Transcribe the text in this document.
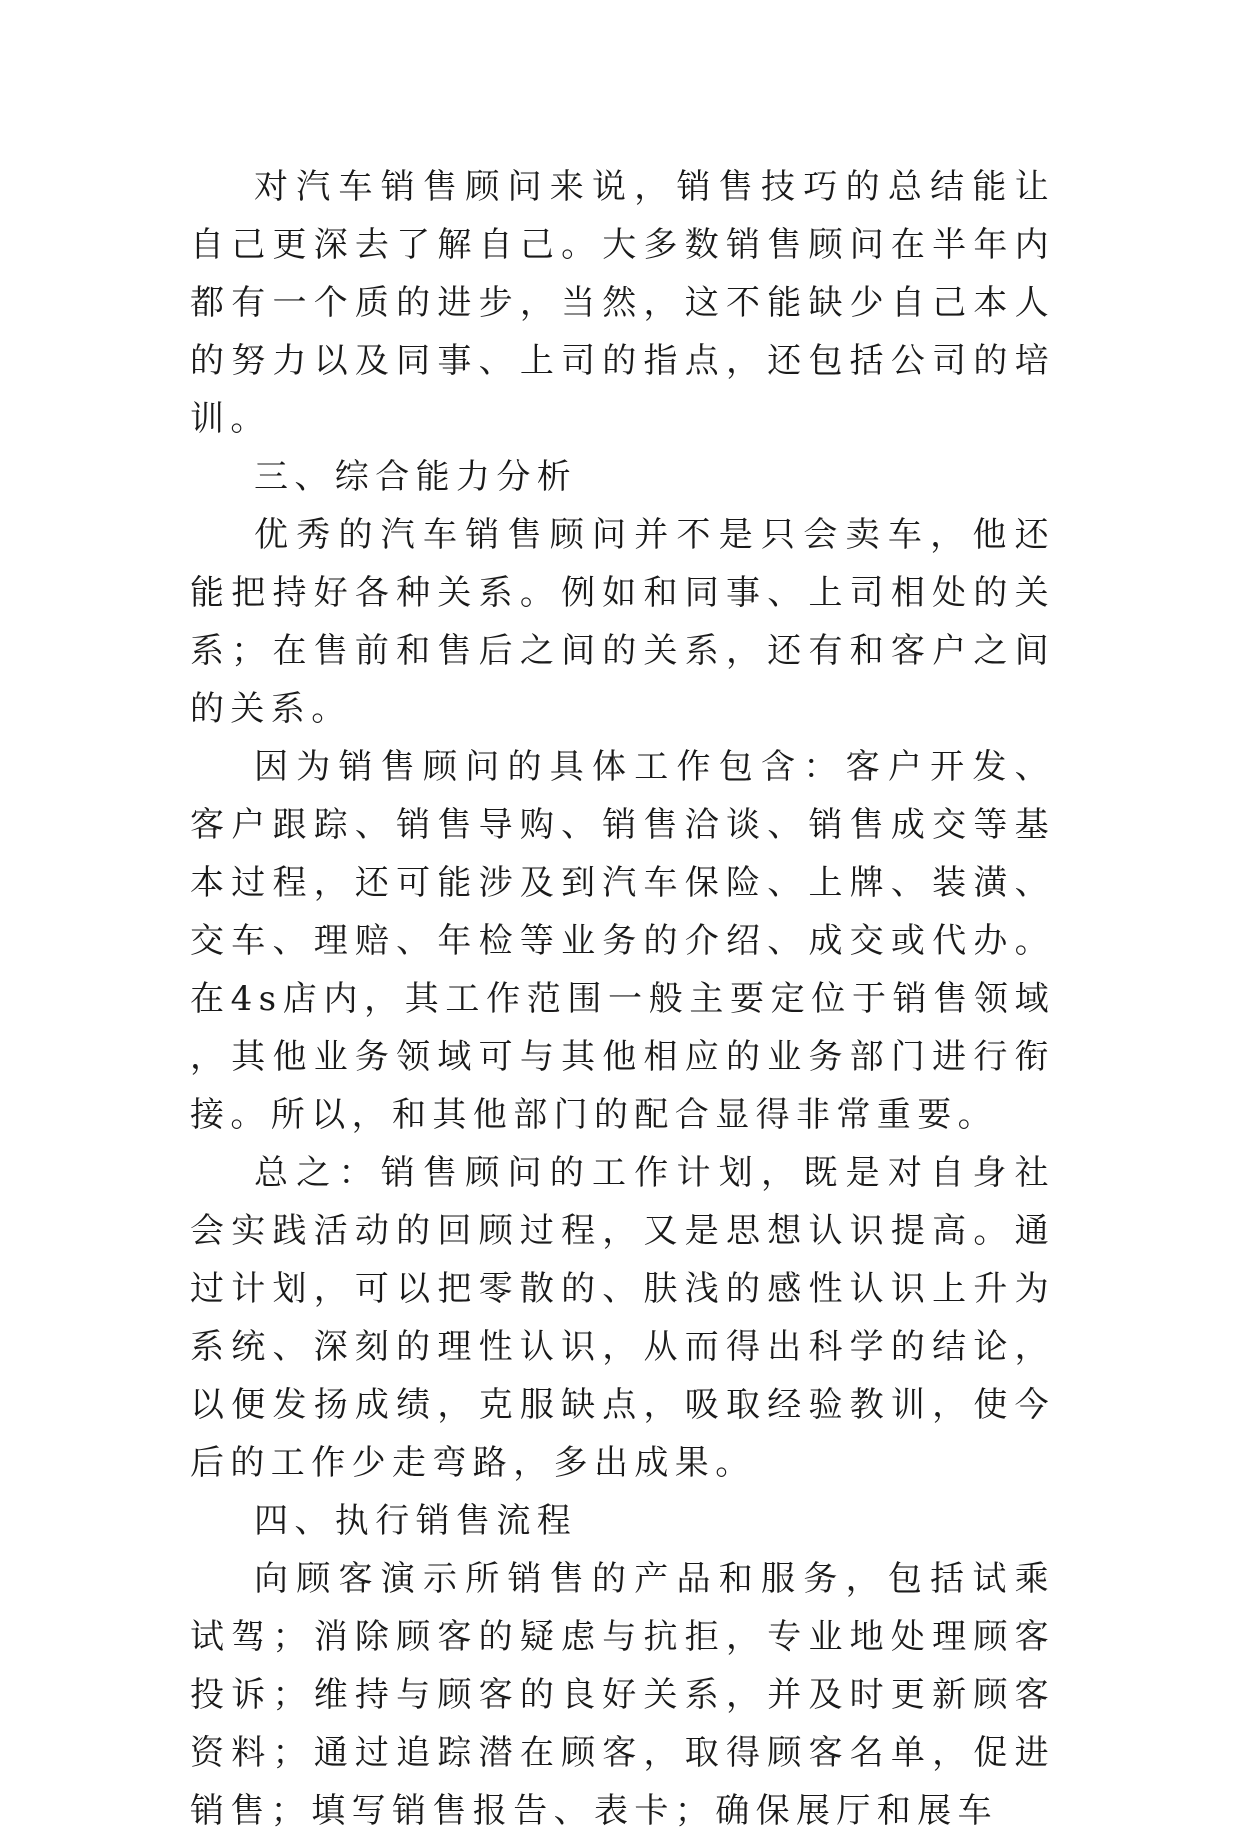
对汽车销售顾问来说，销售技巧的总结能让自己更深去了解自己。大多数销售顾问在半年内都有一个质的进步，当然，这不能缺少自己本人的努力以及同事、上司的指点，还包括公司的培训。

三、综合能力分析

优秀的汽车销售顾问并不是只会卖车，他还能把持好各种关系。例如和同事、上司相处的关系；在售前和售后之间的关系，还有和客户之间的关系。

因为销售顾问的具体工作包含：客户开发、客户跟踪、销售导购、销售洽谈、销售成交等基本过程，还可能涉及到汽车保险、上牌、装潢、交车、理赔、年检等业务的介绍、成交或代办。在4s店内，其工作范围一般主要定位于销售领域，其他业务领域可与其他相应的业务部门进行衔接。所以，和其他部门的配合显得非常重要。

总之：销售顾问的工作计划，既是对自身社会实践活动的回顾过程，又是思想认识提高。通过计划，可以把零散的、肤浅的感性认识上升为系统、深刻的理性认识，从而得出科学的结论，以便发扬成绩，克服缺点，吸取经验教训，使今后的工作少走弯路，多出成果。

四、执行销售流程

向顾客演示所销售的产品和服务，包括试乘试驾；消除顾客的疑虑与抗拒，专业地处理顾客投诉；维持与顾客的良好关系，并及时更新顾客资料；通过追踪潜在顾客，取得顾客名单，促进销售；填写销售报告、表卡；确保展厅和展车
